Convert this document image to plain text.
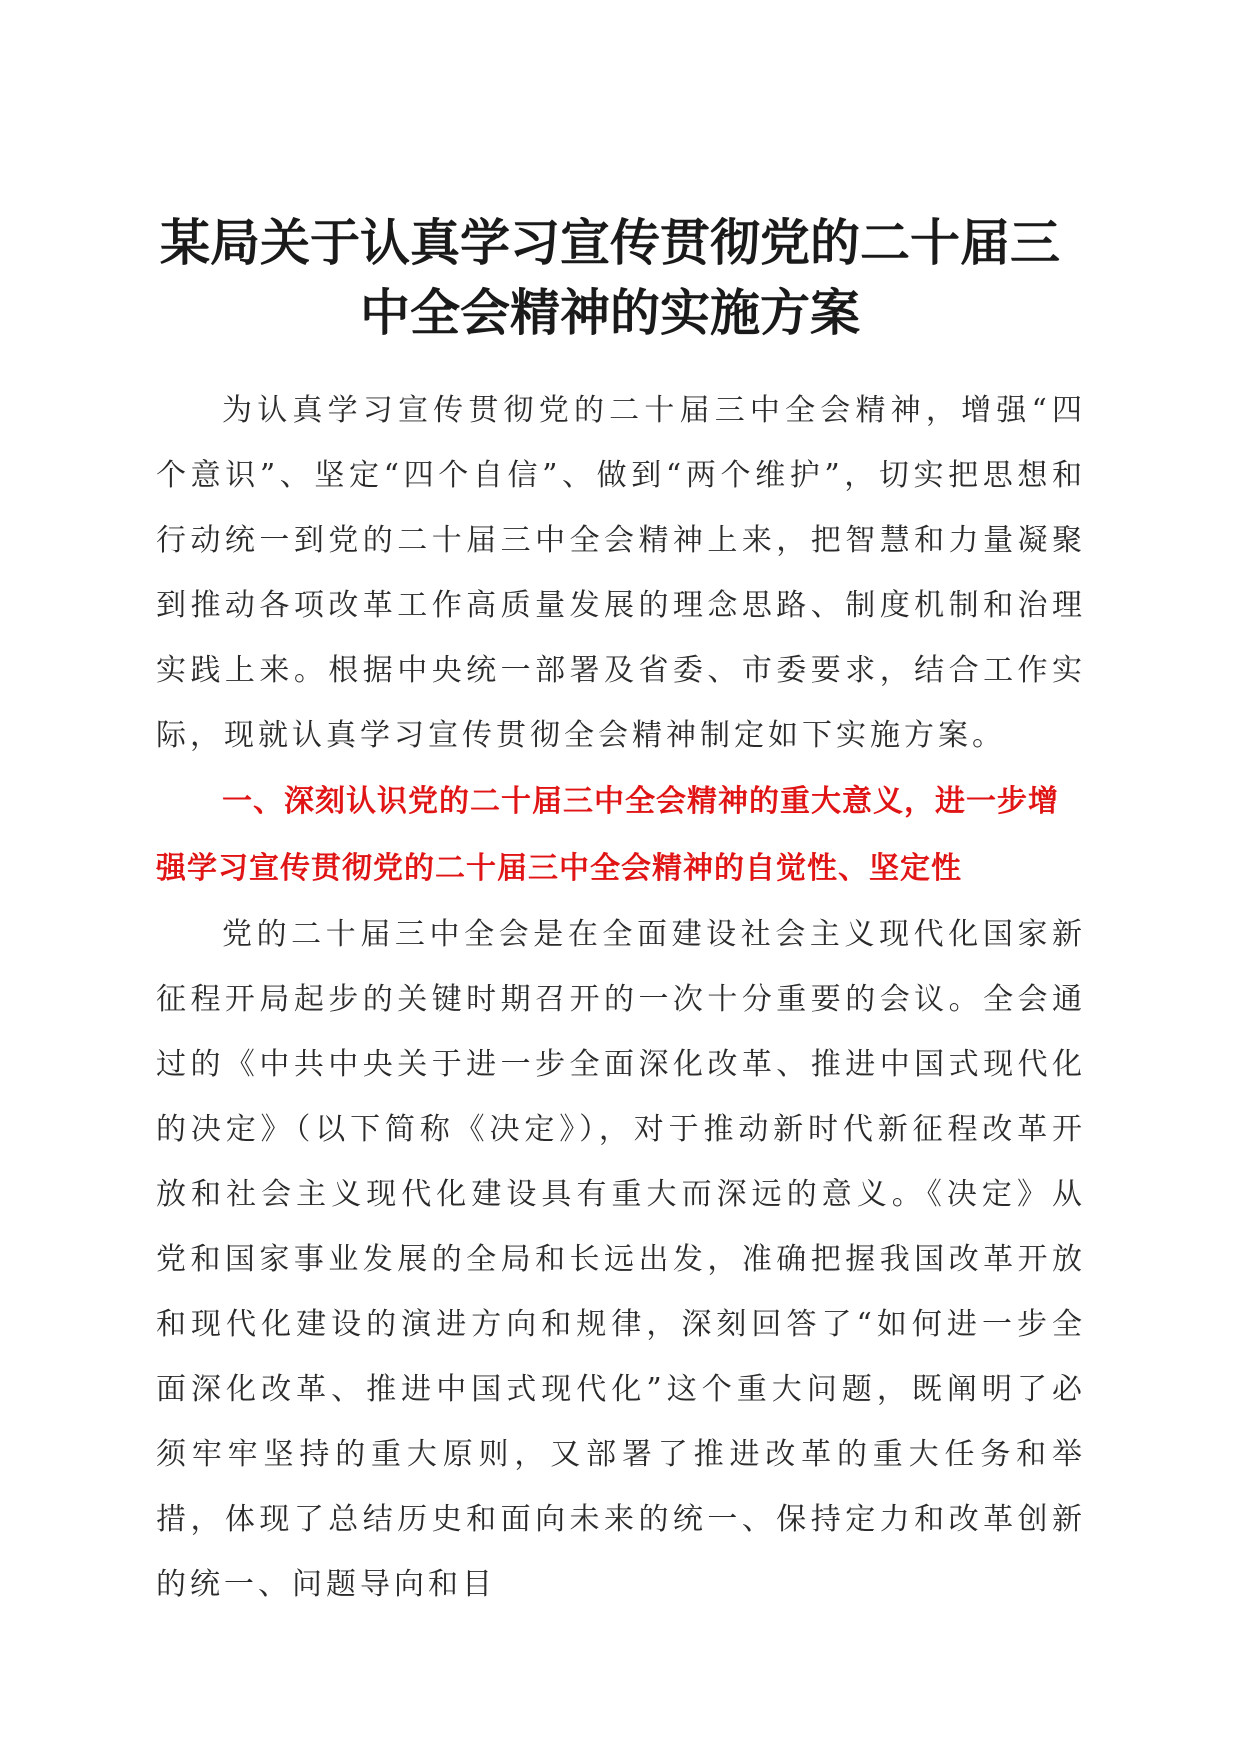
某局关于认真学习宣传贯彻党的二十届三中全会精神的实施方案

为认真学习宣传贯彻党的二十届三中全会精神，增强“四个意识”、坚定“四个自信”、做到“两个维护”，切实把思想和行动统一到党的二十届三中全会精神上来，把智慧和力量凝聚到推动各项改革工作高质量发展的理念思路、制度机制和治理实践上来。根据中央统一部署及省委、市委要求，结合工作实际，现就认真学习宣传贯彻全会精神制定如下实施方案。

一、深刻认识党的二十届三中全会精神的重大意义，进一步增强学习宣传贯彻党的二十届三中全会精神的自觉性、坚定性

党的二十届三中全会是在全面建设社会主义现代化国家新征程开局起步的关键时期召开的一次十分重要的会议。全会通过的《中共中央关于进一步全面深化改革、推进中国式现代化的决定》（以下简称《决定》），对于推动新时代新征程改革开放和社会主义现代化建设具有重大而深远的意义。《决定》从党和国家事业发展的全局和长远出发，准确把握我国改革开放和现代化建设的演进方向和规律，深刻回答了“如何进一步全面深化改革、推进中国式现代化”这个重大问题，既阐明了必须牢牢坚持的重大原则，又部署了推进改革的重大任务和举措，体现了总结历史和面向未来的统一、保持定力和改革创新的统一、问题导向和目
